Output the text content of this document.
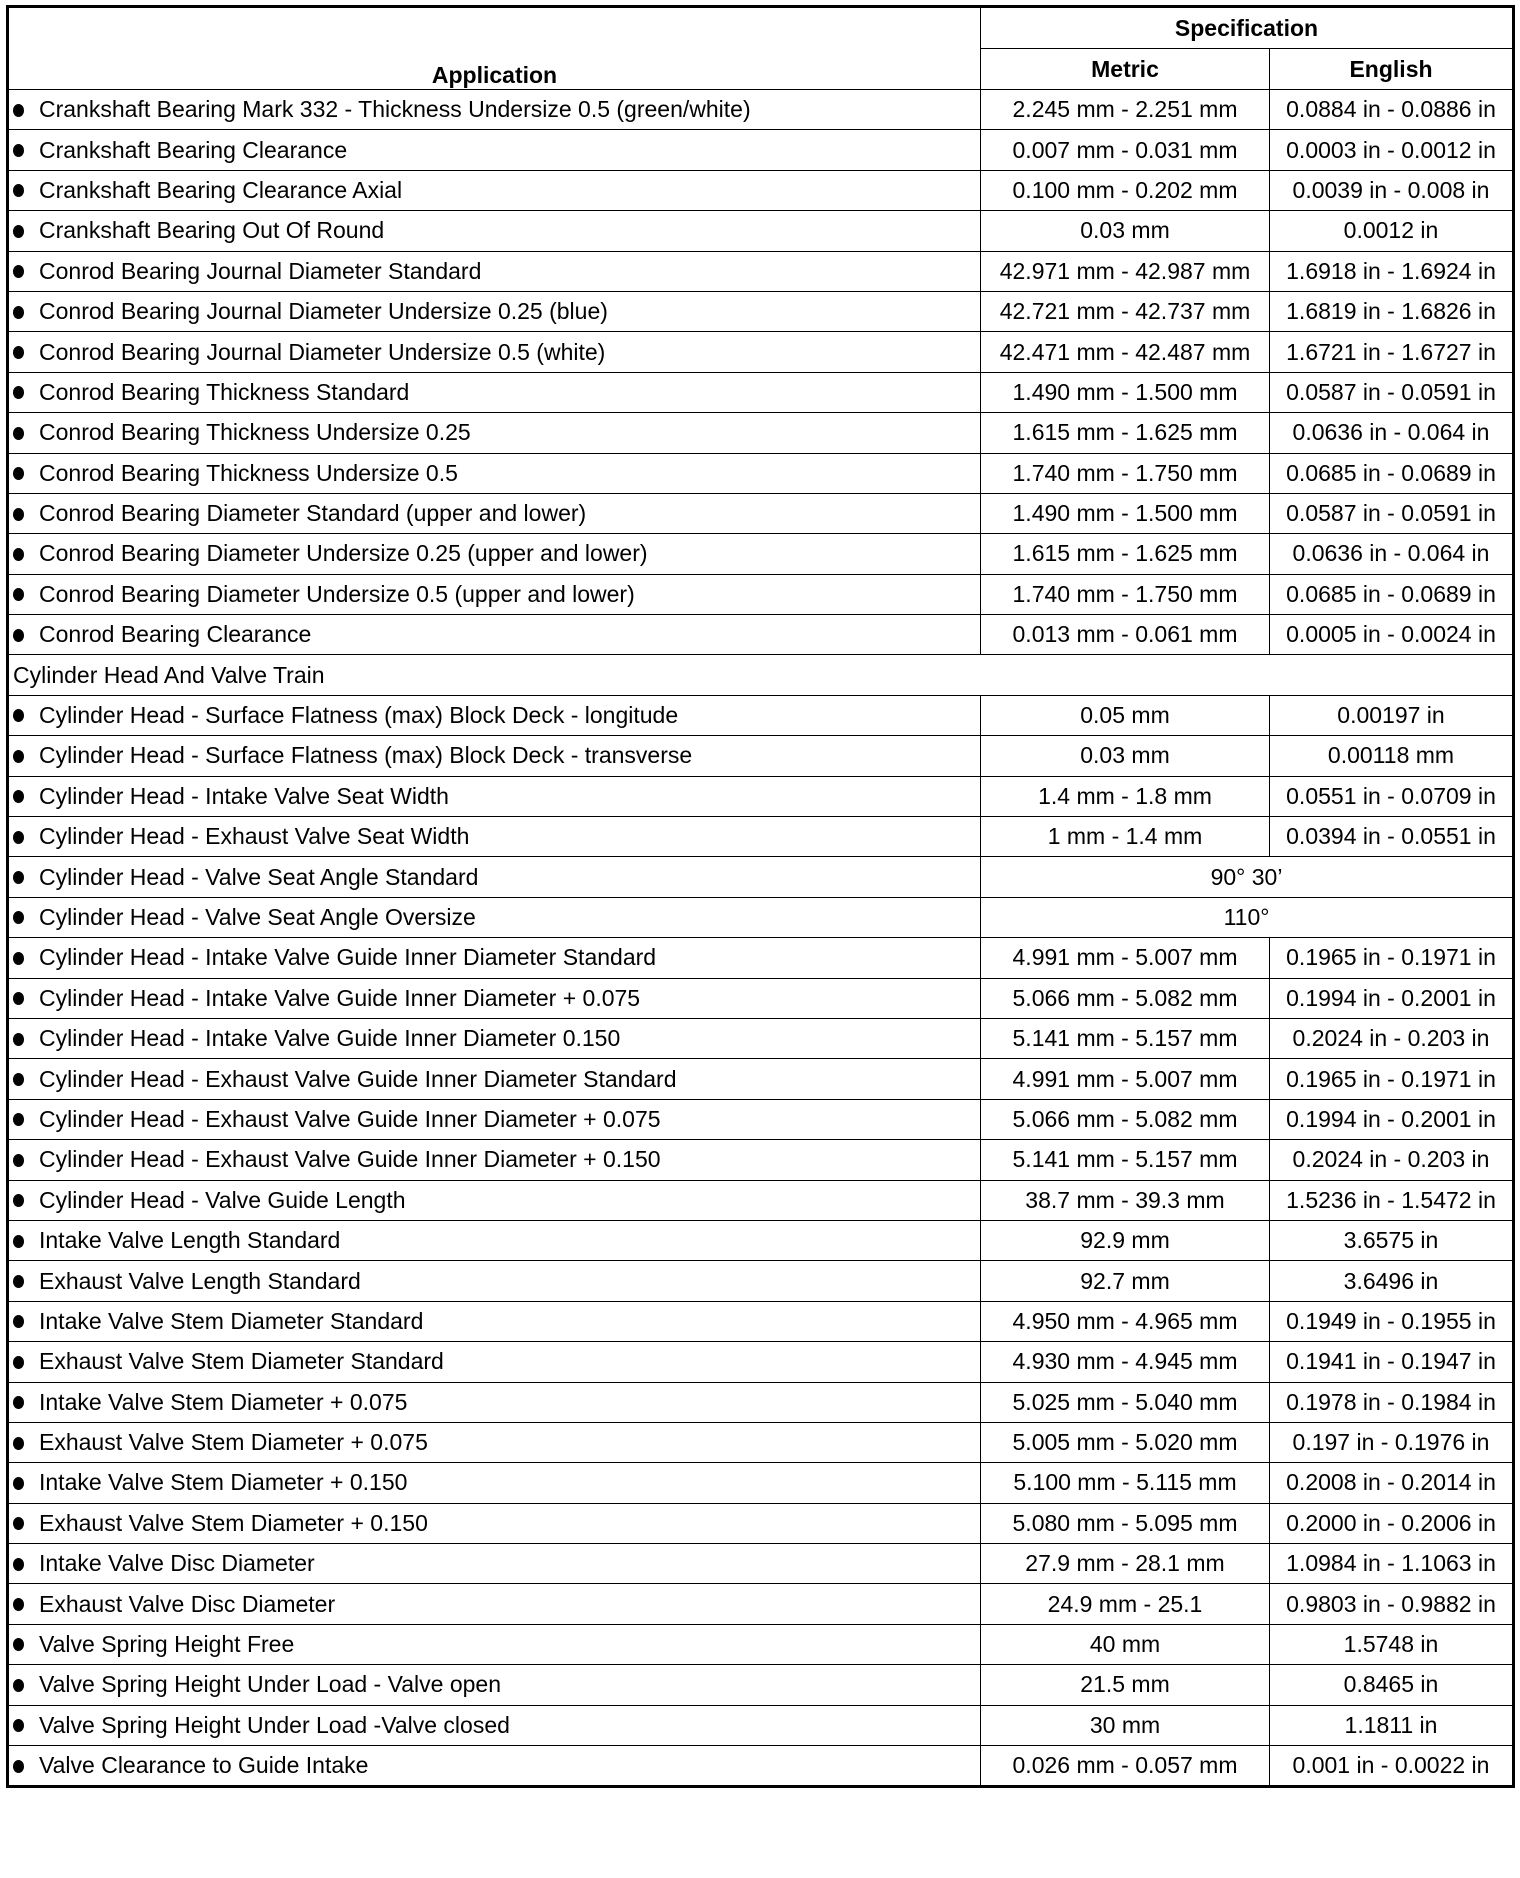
Application	Specification	
	Metric	English
Crankshaft Bearing Mark 332 - Thickness Undersize 0.5 (green/white)	2.245 mm - 2.251 mm	0.0884 in - 0.0886 in
Crankshaft Bearing Clearance	0.007 mm - 0.031 mm	0.0003 in - 0.0012 in
Crankshaft Bearing Clearance Axial	0.100 mm - 0.202 mm	0.0039 in - 0.008 in
Crankshaft Bearing Out Of Round	0.03 mm	0.0012 in
Conrod Bearing Journal Diameter Standard	42.971 mm - 42.987 mm	1.6918 in - 1.6924 in
Conrod Bearing Journal Diameter Undersize 0.25 (blue)	42.721 mm - 42.737 mm	1.6819 in - 1.6826 in
Conrod Bearing Journal Diameter Undersize 0.5 (white)	42.471 mm - 42.487 mm	1.6721 in - 1.6727 in
Conrod Bearing Thickness Standard	1.490 mm - 1.500 mm	0.0587 in - 0.0591 in
Conrod Bearing Thickness Undersize 0.25	1.615 mm - 1.625 mm	0.0636 in - 0.064 in
Conrod Bearing Thickness Undersize 0.5	1.740 mm - 1.750 mm	0.0685 in - 0.0689 in
Conrod Bearing Diameter Standard (upper and lower)	1.490 mm - 1.500 mm	0.0587 in - 0.0591 in
Conrod Bearing Diameter Undersize 0.25 (upper and lower)	1.615 mm - 1.625 mm	0.0636 in - 0.064 in
Conrod Bearing Diameter Undersize 0.5 (upper and lower)	1.740 mm - 1.750 mm	0.0685 in - 0.0689 in
Conrod Bearing Clearance	0.013 mm - 0.061 mm	0.0005 in - 0.0024 in
Cylinder Head And Valve Train		
Cylinder Head - Surface Flatness (max) Block Deck - longitude	0.05 mm	0.00197 in
Cylinder Head - Surface Flatness (max) Block Deck - transverse	0.03 mm	0.00118 mm
Cylinder Head - Intake Valve Seat Width	1.4 mm - 1.8 mm	0.0551 in - 0.0709 in
Cylinder Head - Exhaust Valve Seat Width	1 mm - 1.4 mm	0.0394 in - 0.0551 in
Cylinder Head - Valve Seat Angle Standard	90° 30’	
Cylinder Head - Valve Seat Angle Oversize	110°	
Cylinder Head - Intake Valve Guide Inner Diameter Standard	4.991 mm - 5.007 mm	0.1965 in - 0.1971 in
Cylinder Head - Intake Valve Guide Inner Diameter + 0.075	5.066 mm - 5.082 mm	0.1994 in - 0.2001 in
Cylinder Head - Intake Valve Guide Inner Diameter 0.150	5.141 mm - 5.157 mm	0.2024 in - 0.203 in
Cylinder Head - Exhaust Valve Guide Inner Diameter Standard	4.991 mm - 5.007 mm	0.1965 in - 0.1971 in
Cylinder Head - Exhaust Valve Guide Inner Diameter + 0.075	5.066 mm - 5.082 mm	0.1994 in - 0.2001 in
Cylinder Head - Exhaust Valve Guide Inner Diameter + 0.150	5.141 mm - 5.157 mm	0.2024 in - 0.203 in
Cylinder Head - Valve Guide Length	38.7 mm - 39.3 mm	1.5236 in - 1.5472 in
Intake Valve Length Standard	92.9 mm	3.6575 in
Exhaust Valve Length Standard	92.7 mm	3.6496 in
Intake Valve Stem Diameter Standard	4.950 mm - 4.965 mm	0.1949 in - 0.1955 in
Exhaust Valve Stem Diameter Standard	4.930 mm - 4.945 mm	0.1941 in - 0.1947 in
Intake Valve Stem Diameter + 0.075	5.025 mm - 5.040 mm	0.1978 in - 0.1984 in
Exhaust Valve Stem Diameter + 0.075	5.005 mm - 5.020 mm	0.197 in - 0.1976 in
Intake Valve Stem Diameter + 0.150	5.100 mm - 5.115 mm	0.2008 in - 0.2014 in
Exhaust Valve Stem Diameter + 0.150	5.080 mm - 5.095 mm	0.2000 in - 0.2006 in
Intake Valve Disc Diameter	27.9 mm - 28.1 mm	1.0984 in - 1.1063 in
Exhaust Valve Disc Diameter	24.9 mm - 25.1	0.9803 in - 0.9882 in
Valve Spring Height Free	40 mm	1.5748 in
Valve Spring Height Under Load - Valve open	21.5 mm	0.8465 in
Valve Spring Height Under Load -Valve closed	30 mm	1.1811 in
Valve Clearance to Guide Intake	0.026 mm - 0.057 mm	0.001 in - 0.0022 in
